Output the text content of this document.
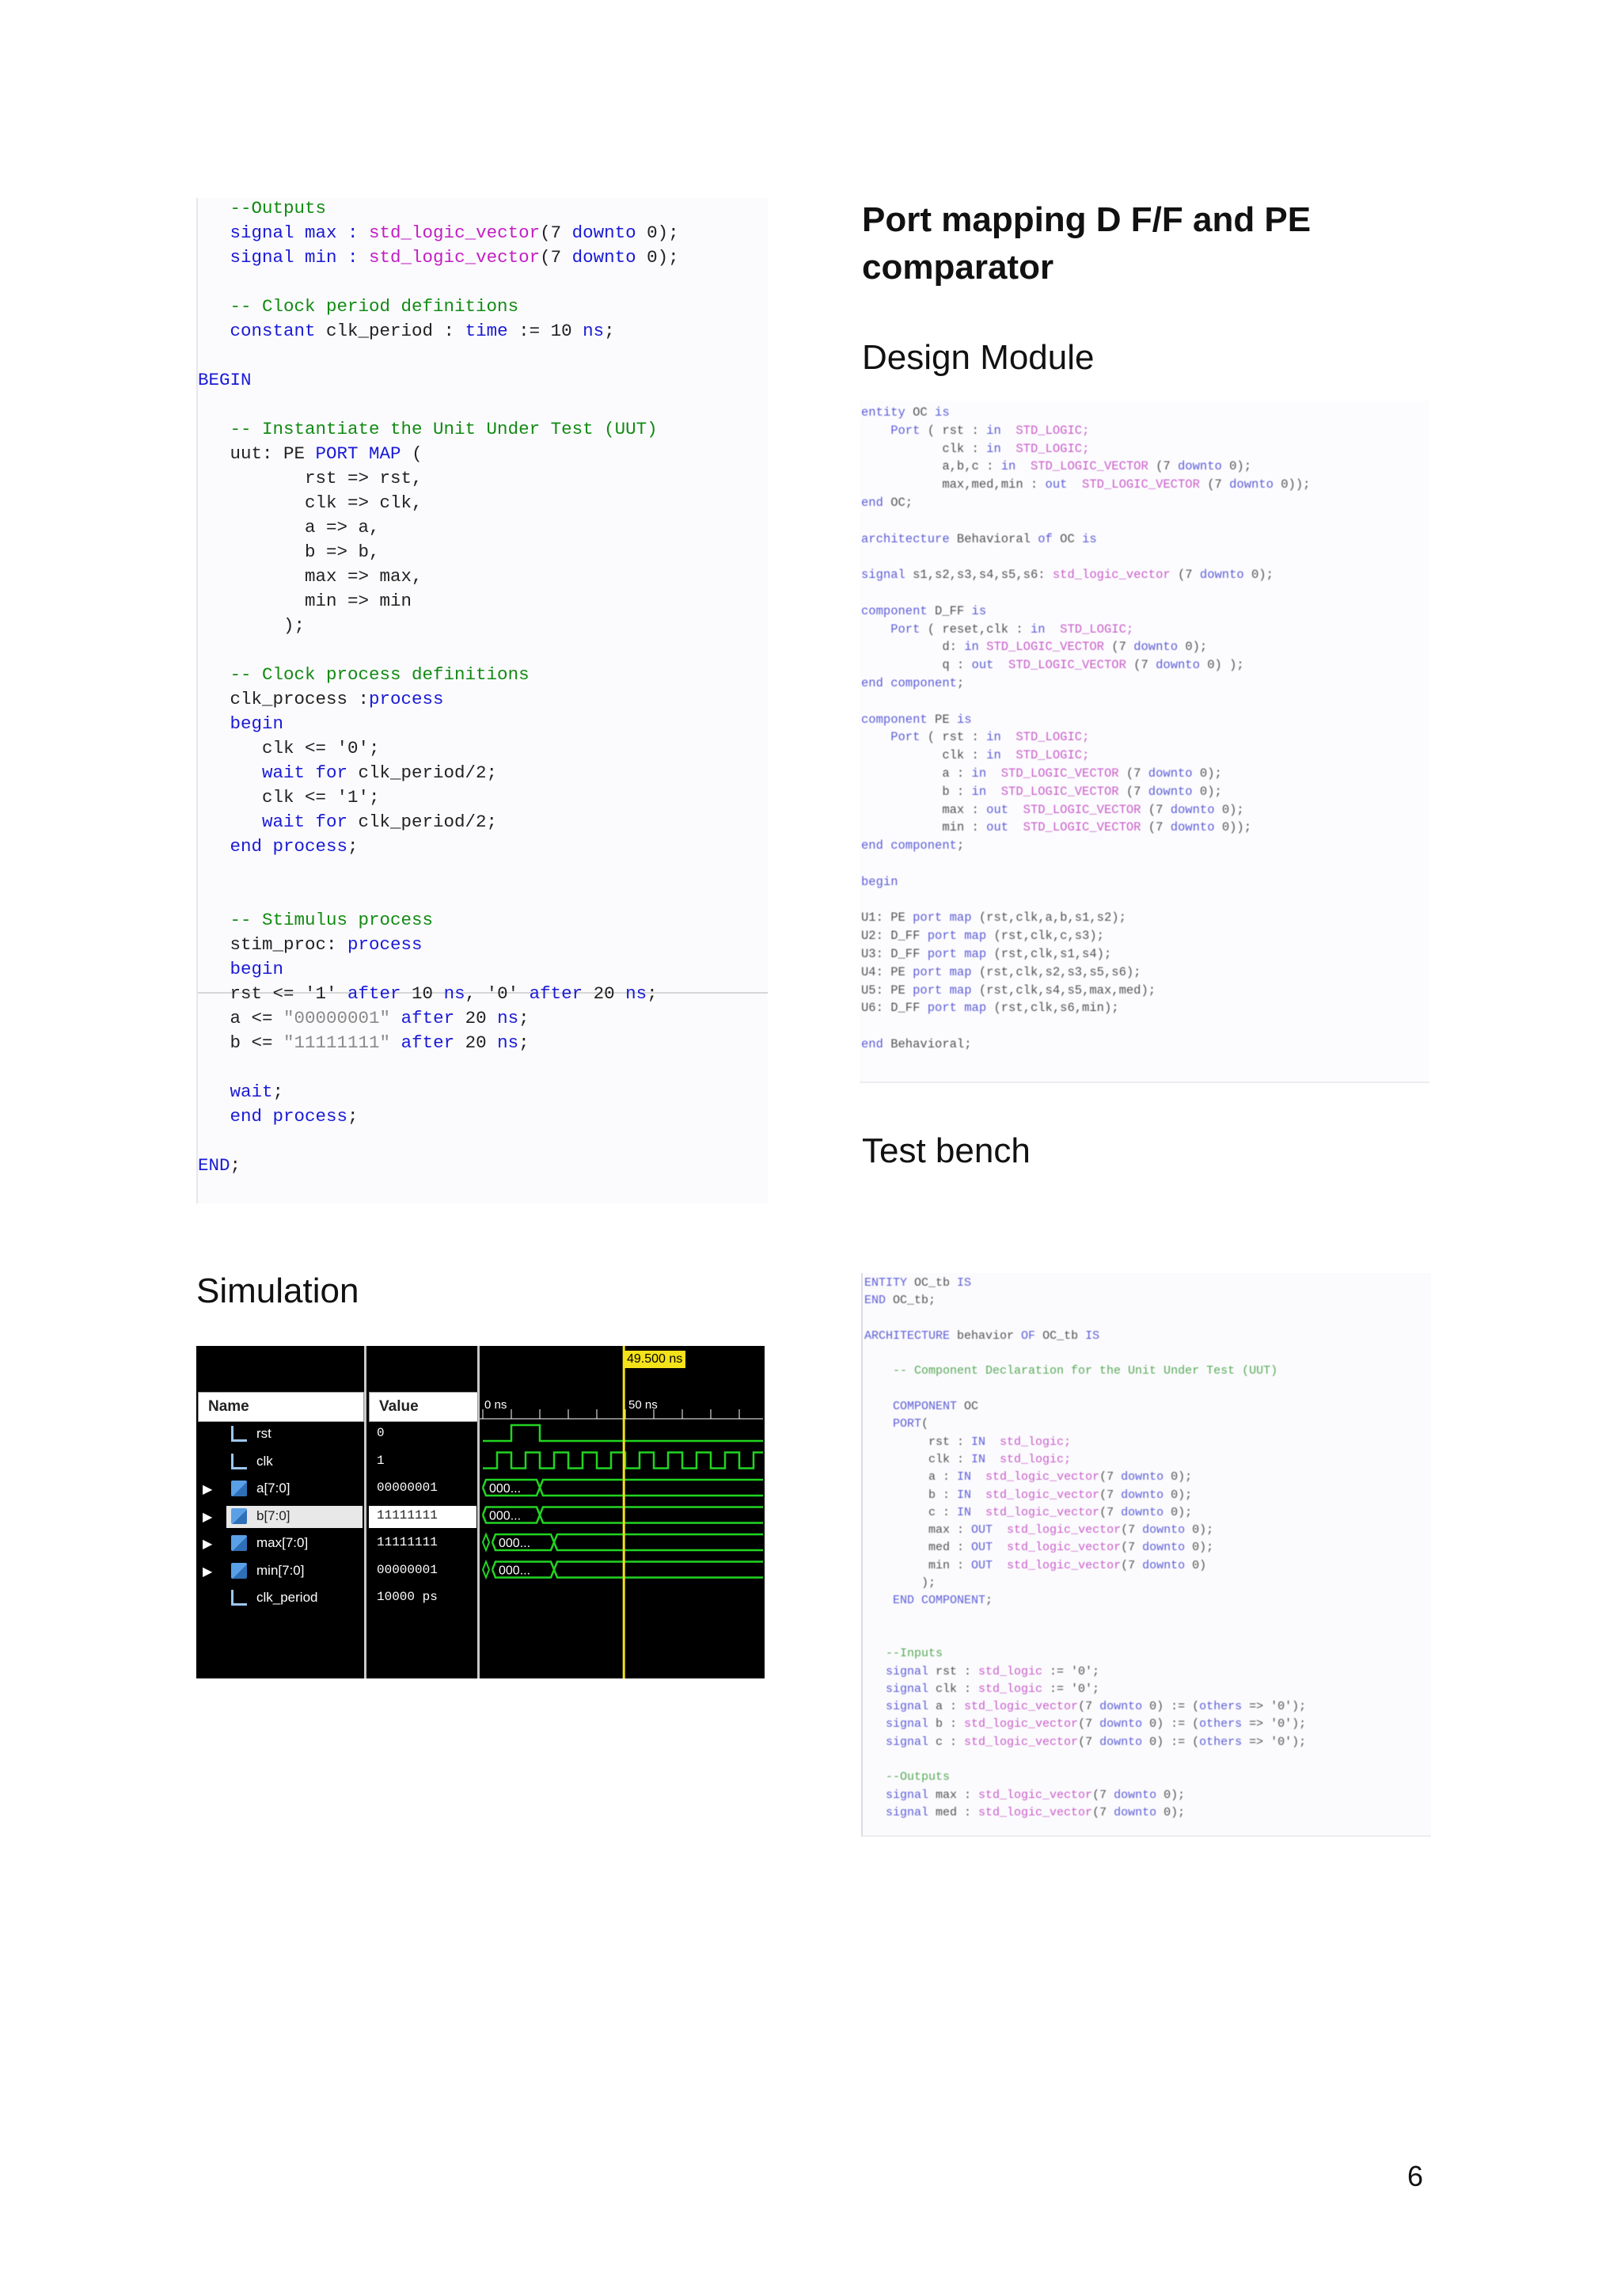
--Outputs
signal max : std_logic_vector(7 downto 0);
signal min : std_logic_vector(7 downto 0);

-- Clock period definitions
constant clk_period : time := 10 ns;

BEGIN

-- Instantiate the Unit Under Test (UUT)
uut: PE PORT MAP (
rst => rst,
clk => clk,
a => a,
b => b,
max => max,
min => min
);

-- Clock process definitions
clk_process :process
begin
clk <= '0';
wait for clk_period/2;
clk <= '1';
wait for clk_period/2;
end process;

-- Stimulus process
stim_proc: process
begin
rst <= '1' after 10 ns, '0' after 20 ns;
a <= "00000001" after 20 ns;
b <= "11111111" after 20 ns;

wait;
end process;

END;
Port mapping D F/F and PE comparator
Design Module
entity OC is
Port ( rst : in  STD_LOGIC;
clk : in  STD_LOGIC;
a,b,c : in  STD_LOGIC_VECTOR (7 downto 0);
max,med,min : out  STD_LOGIC_VECTOR (7 downto 0));
end OC;

architecture Behavioral of OC is

signal s1,s2,s3,s4,s5,s6: std_logic_vector (7 downto 0);

component D_FF is
Port ( reset,clk : in  STD_LOGIC;
d: in STD_LOGIC_VECTOR (7 downto 0);
q : out  STD_LOGIC_VECTOR (7 downto 0) );
end component;

component PE is
Port ( rst : in  STD_LOGIC;
clk : in  STD_LOGIC;
a : in  STD_LOGIC_VECTOR (7 downto 0);
b : in  STD_LOGIC_VECTOR (7 downto 0);
max : out  STD_LOGIC_VECTOR (7 downto 0);
min : out  STD_LOGIC_VECTOR (7 downto 0));
end component;

begin

U1: PE port map (rst,clk,a,b,s1,s2);
U2: D_FF port map (rst,clk,c,s3);
U3: D_FF port map (rst,clk,s1,s4);
U4: PE port map (rst,clk,s2,s3,s5,s6);
U5: PE port map (rst,clk,s4,s5,max,med);
U6: D_FF port map (rst,clk,s6,min);

end Behavioral;
Test bench
ENTITY OC_tb IS
END OC_tb;

ARCHITECTURE behavior OF OC_tb IS

-- Component Declaration for the Unit Under Test (UUT)

COMPONENT OC
PORT(
rst : IN  std_logic;
clk : IN  std_logic;
a : IN  std_logic_vector(7 downto 0);
b : IN  std_logic_vector(7 downto 0);
c : IN  std_logic_vector(7 downto 0);
max : OUT  std_logic_vector(7 downto 0);
med : OUT  std_logic_vector(7 downto 0);
min : OUT  std_logic_vector(7 downto 0)
);
END COMPONENT;

--Inputs
signal rst : std_logic := '0';
signal clk : std_logic := '0';
signal a : std_logic_vector(7 downto 0) := (others => '0');
signal b : std_logic_vector(7 downto 0) := (others => '0');
signal c : std_logic_vector(7 downto 0) := (others => '0');

--Outputs
signal max : std_logic_vector(7 downto 0);
signal med : std_logic_vector(7 downto 0);
Simulation
Name	Value
rst	0
clk	1
▶	a[7:0]	00000001
▶	b[7:0]	11111111
▶	max[7:0]	11111111
▶	min[7:0]	00000001
clk_period	10000 ps
000...
000...
000...
000...
49.500 ns
0 ns	50 ns
6
